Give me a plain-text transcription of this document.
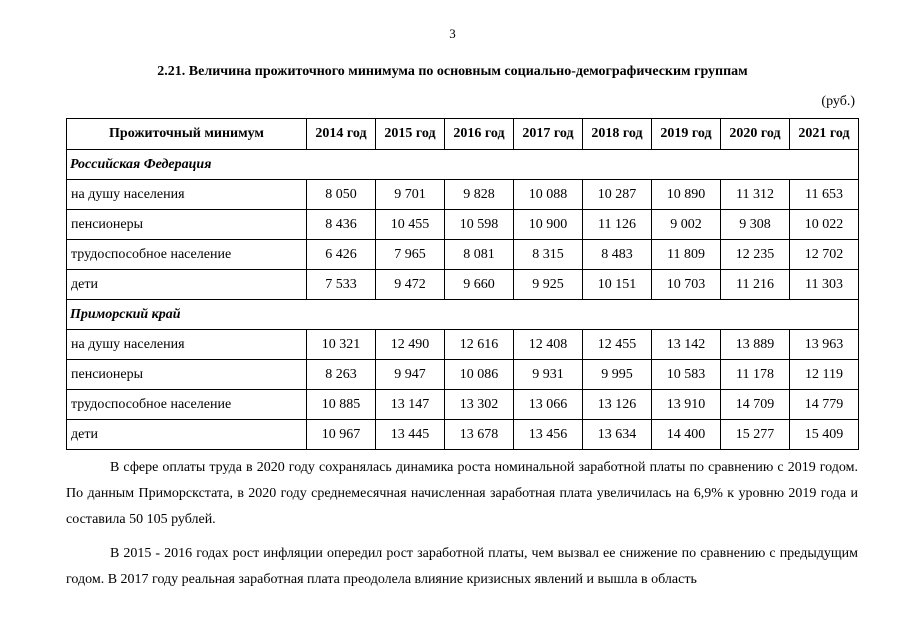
3
2.21. Величина прожиточного минимума по основным социально-демографическим группам
(руб.)
Прожиточный минимум	2014 год	2015 год	2016 год	2017 год	2018 год	2019 год	2020 год	2021 год
Российская Федерация								
на душу населения	8 050	9 701	9 828	10 088	10 287	10 890	11 312	11 653
пенсионеры	8 436	10 455	10 598	10 900	11 126	9 002	9 308	10 022
трудоспособное население	6 426	7 965	8 081	8 315	8 483	11 809	12 235	12 702
дети	7 533	9 472	9 660	9 925	10 151	10 703	11 216	11 303
Приморский край								
на душу населения	10 321	12 490	12 616	12 408	12 455	13 142	13 889	13 963
пенсионеры	8 263	9 947	10 086	9 931	9 995	10 583	11 178	12 119
трудоспособное население	10 885	13 147	13 302	13 066	13 126	13 910	14 709	14 779
дети	10 967	13 445	13 678	13 456	13 634	14 400	15 277	15 409

В сфере оплаты труда в 2020 году сохранялась динамика роста номинальной заработной платы по сравнению с 2019 годом. По данным Приморскстата, в 2020 году среднемесячная начисленная заработная плата увеличилась на 6,9% к уровню 2019 года и составила 50 105 рублей.

В 2015 - 2016 годах рост инфляции опередил рост заработной платы, чем вызвал ее снижение по сравнению с предыдущим годом. В 2017 году реальная заработная плата преодолела влияние кризисных явлений и вышла в область
